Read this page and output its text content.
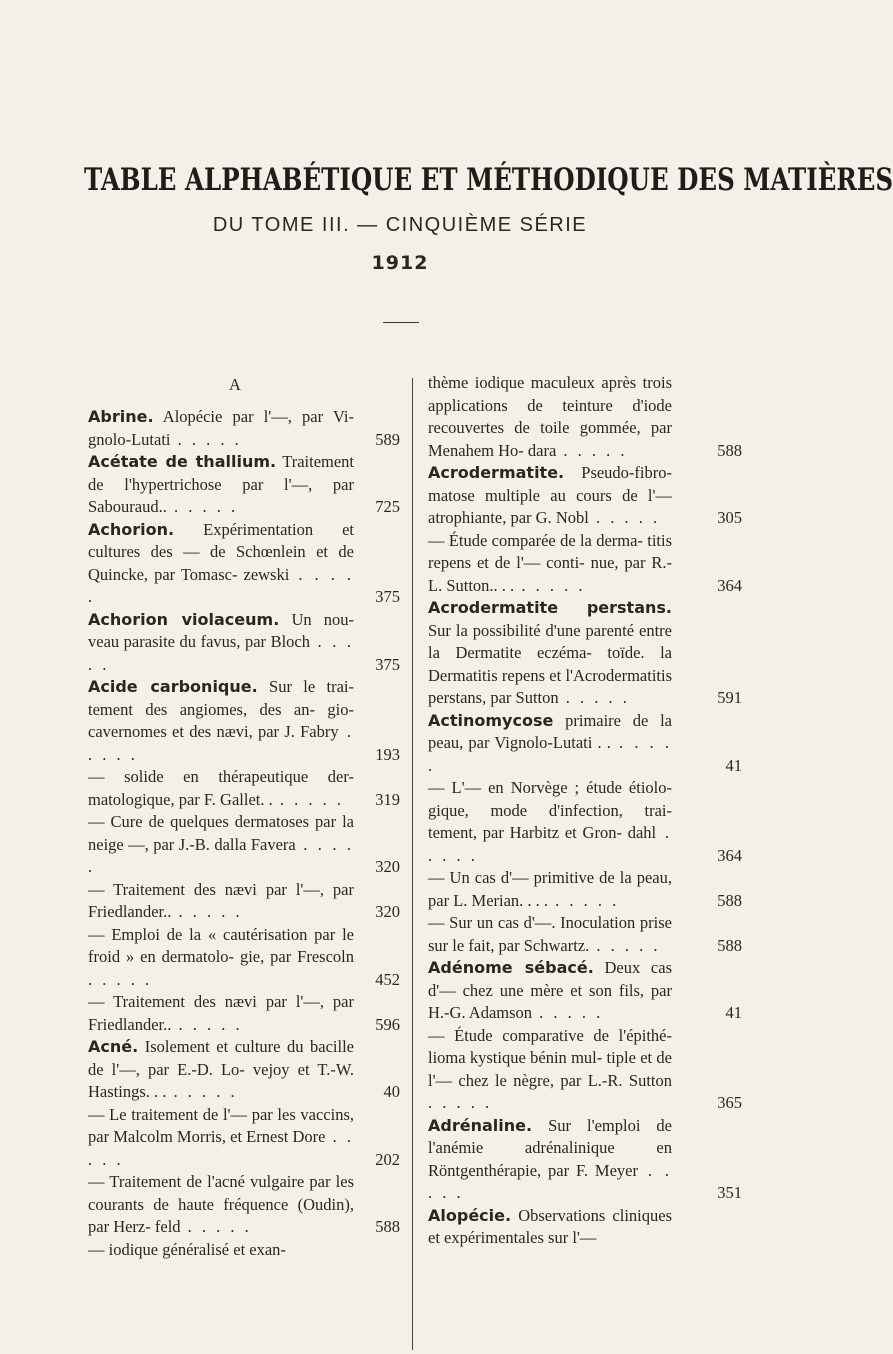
TABLE ALPHABÉTIQUE ET MÉTHODIQUE DES MATIÈRES
DU TOME III. — CINQUIÈME SÉRIE
1912
A
Abrine. Alopécie par l'—, par Vi- gnolo-Lutati . . . . .	589
Acétate de thallium. Traitement de l'hypertrichose par l'—, par Sabouraud.. . . . . .	725
Achorion. Expérimentation et cultures des — de Schœnlein et de Quincke, par Tomasc- zewski . . . . .	375
Achorion violaceum. Un nou- veau parasite du favus, par Bloch . . . . .	375
Acide carbonique. Sur le trai- tement des angiomes, des an- gio-cavernomes et des nævi, par J. Fabry . . . . .	193
— solide en thérapeutique der- matologique, par F. Gallet. . . . . . . 319
— Cure de quelques dermatoses par la neige —, par J.-B. dalla Favera . . . . .	320
— Traitement des nævi par l'—, par Friedlander.. . . . . .	320
— Emploi de la « cautérisation par le froid » en dermatolo- gie, par Frescoln . . . . .	452
— Traitement des nævi par l'—, par Friedlander.. . . . . .	596
Acné. Isolement et culture du bacille de l'—, par E.-D. Lo- vejoy et T.-W. Hastings. . . . . . . .	40
— Le traitement de l'— par les vaccins, par Malcolm Morris, et Ernest Dore . . . . .	202
— Traitement de l'acné vulgaire par les courants de haute fréquence (Oudin), par Herz- feld . . . . .	588
— iodique généralisé et exan-
thème iodique maculeux après trois applications de teinture d'iode recouvertes de toile gommée, par Menahem Ho- dara . . . . .	588
Acrodermatite. Pseudo-fibro- matose multiple au cours de l'— atrophiante, par G. Nobl . . . . .	305
— Étude comparée de la derma- titis repens et de l'— conti- nue, par R.-L. Sutton.. . . . . . . .	364
Acrodermatite perstans. Sur la possibilité d'une parenté entre la Dermatite eczéma- toïde. la Dermatitis repens et l'Acrodermatitis perstans, par Sutton . . . . .	591
Actinomycose primaire de la peau, par Vignolo-Lutati . . . . . . .	41
— L'— en Norvège ; étude étiolo- gique, mode d'infection, trai- tement, par Harbitz et Gron- dahl . . . . .	364
— Un cas d'— primitive de la peau, par L. Merian. . . . . . . . .	588
— Sur un cas d'—. Inoculation prise sur le fait, par Schwartz. . . . . .	588
Adénome sébacé. Deux cas d'— chez une mère et son fils, par H.-G. Adamson . . . . .	41
— Étude comparative de l'épithé- lioma kystique bénin mul- tiple et de l'— chez le nègre, par L.-R. Sutton . . . . .	365
Adrénaline. Sur l'emploi de l'anémie adrénalinique en Röntgenthérapie, par F. Meyer . . . . .	351
Alopécie. Observations cliniques et expérimentales sur l'—
